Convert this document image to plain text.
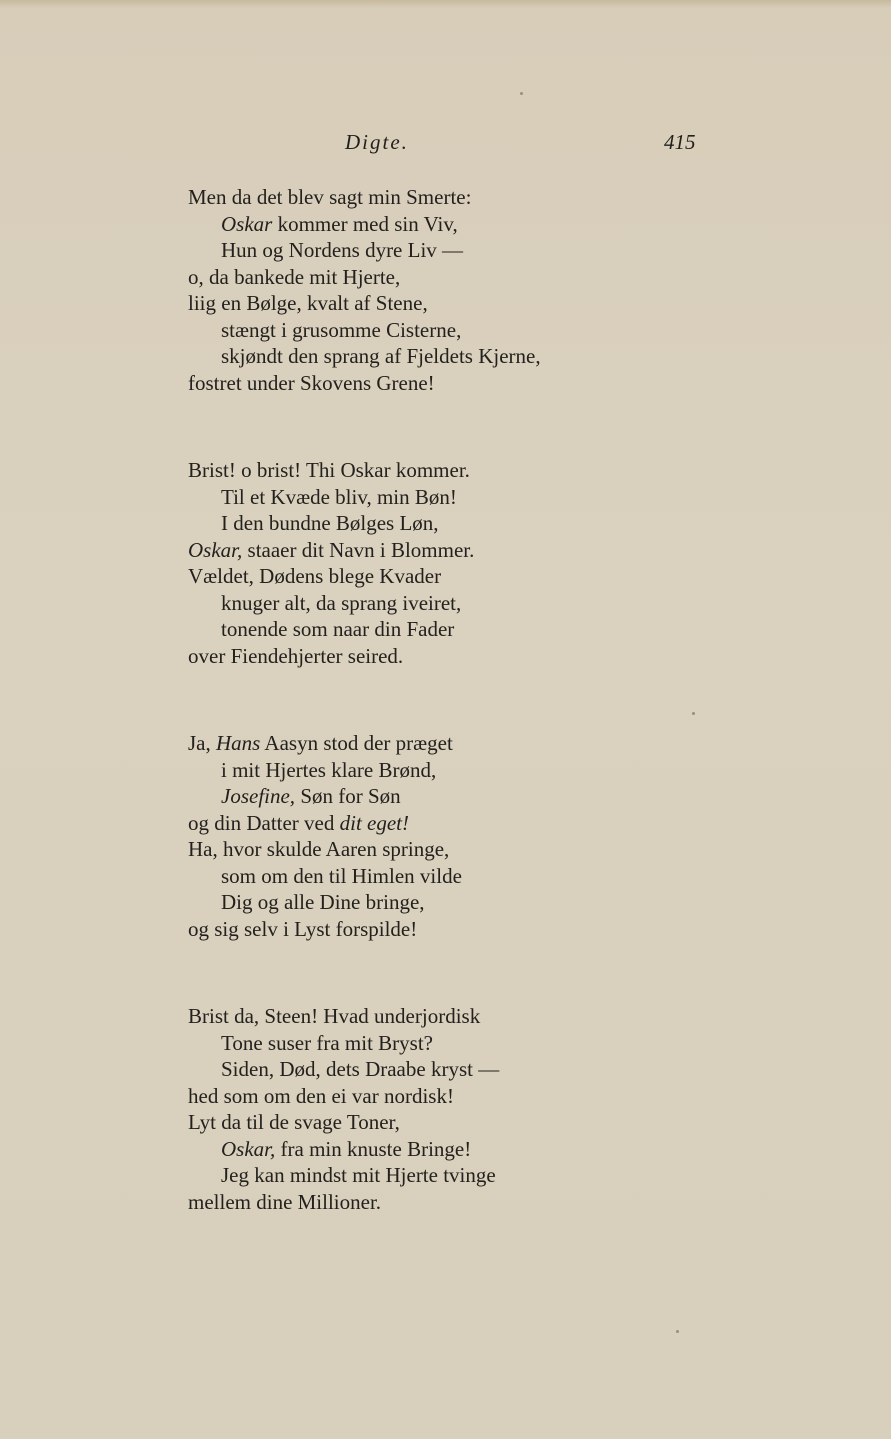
Digte.	415
Men da det blev sagt min Smerte:
Oskar kommer med sin Viv,
Hun og Nordens dyre Liv —
o, da bankede mit Hjerte,
liig en Bølge, kvalt af Stene,
stængt i grusomme Cisterne,
skjøndt den sprang af Fjeldets Kjerne,
fostret under Skovens Grene!
Brist! o brist! Thi Oskar kommer.
Til et Kvæde bliv, min Bøn!
I den bundne Bølges Løn,
Oskar, staaer dit Navn i Blommer.
Vældet, Dødens blege Kvader
knuger alt, da sprang iveiret,
tonende som naar din Fader
over Fiendehjerter seired.
Ja, Hans Aasyn stod der præget
i mit Hjertes klare Brønd,
Josefine, Søn for Søn
og din Datter ved dit eget!
Ha, hvor skulde Aaren springe,
som om den til Himlen vilde
Dig og alle Dine bringe,
og sig selv i Lyst forspilde!
Brist da, Steen! Hvad underjordisk
Tone suser fra mit Bryst?
Siden, Død, dets Draabe kryst —
hed som om den ei var nordisk!
Lyt da til de svage Toner,
Oskar, fra min knuste Bringe!
Jeg kan mindst mit Hjerte tvinge
mellem dine Millioner.
